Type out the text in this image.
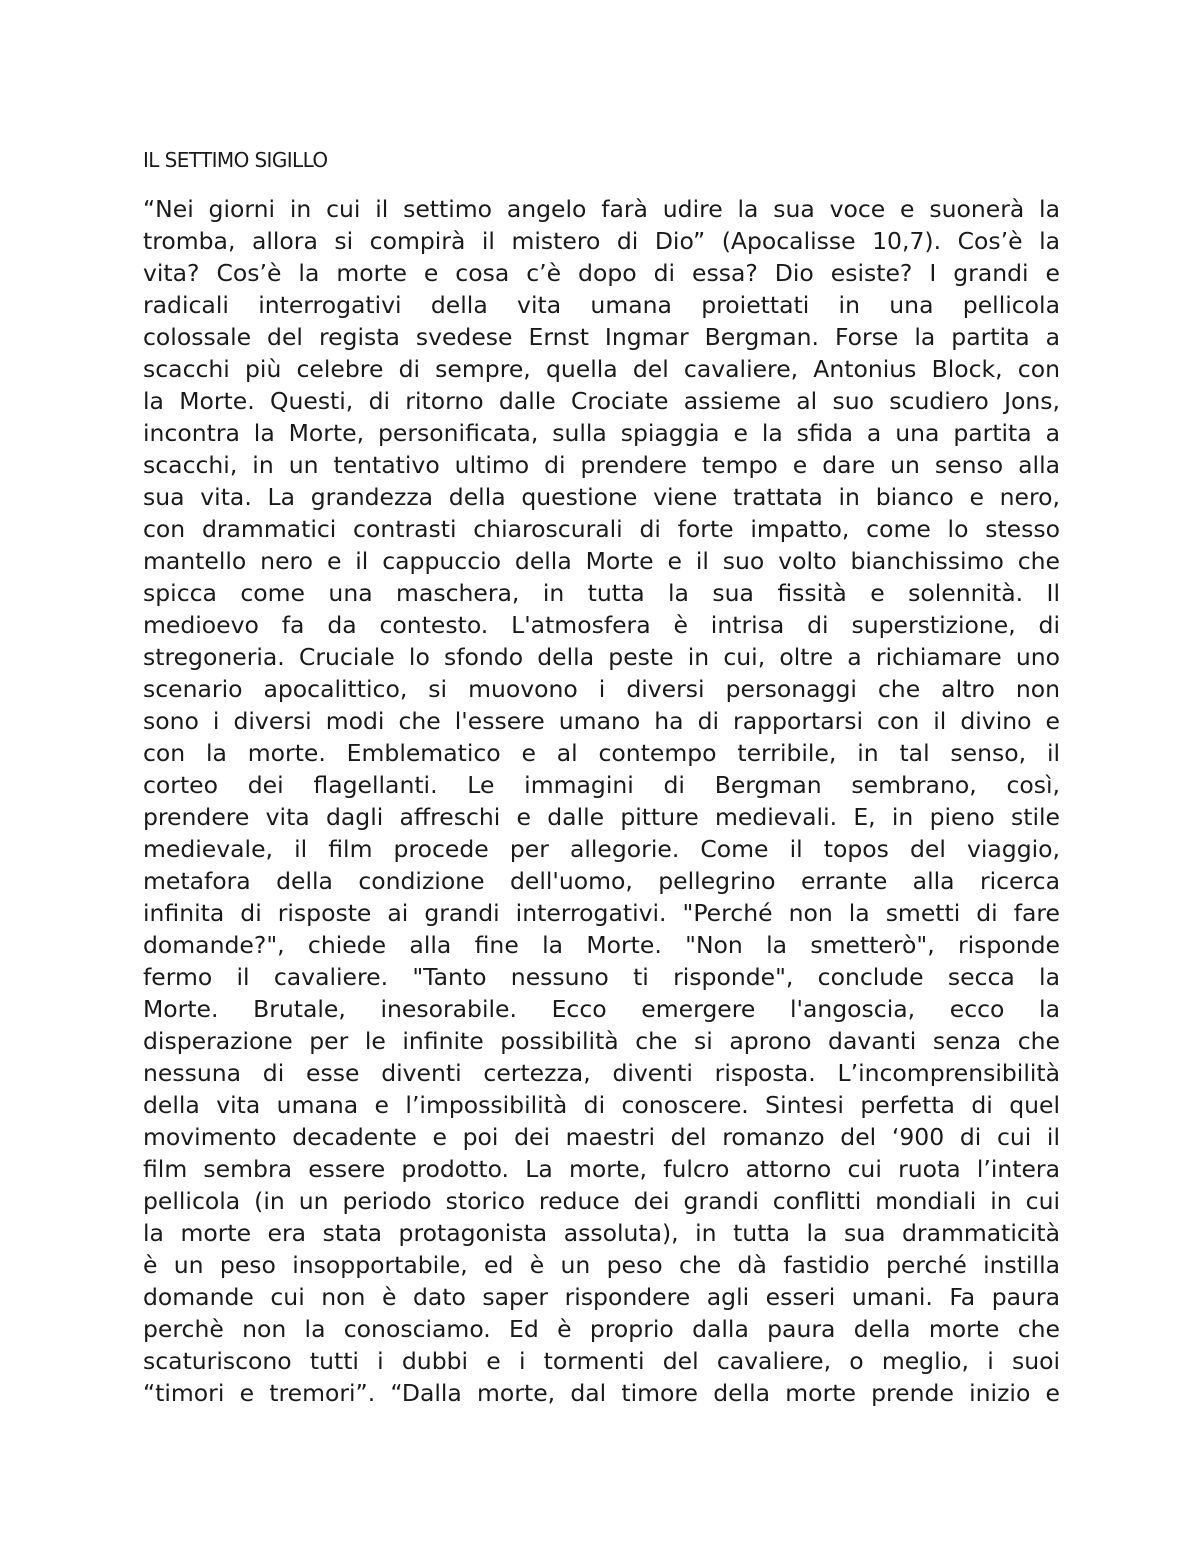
IL SETTIMO SIGILLO
“Nei giorni in cui il settimo angelo farà udire la sua voce e suonerà la
tromba, allora si compirà il mistero di Dio” (Apocalisse 10,7). Cos’è la
vita? Cos’è la morte e cosa c’è dopo di essa? Dio esiste? I grandi e
radicali interrogativi della vita umana proiettati in una pellicola
colossale del regista svedese Ernst Ingmar Bergman. Forse la partita a
scacchi più celebre di sempre, quella del cavaliere, Antonius Block, con
la Morte. Questi, di ritorno dalle Crociate assieme al suo scudiero Jons,
incontra la Morte, personificata, sulla spiaggia e la sfida a una partita a
scacchi, in un tentativo ultimo di prendere tempo e dare un senso alla
sua vita. La grandezza della questione viene trattata in bianco e nero,
con drammatici contrasti chiaroscurali di forte impatto, come lo stesso
mantello nero e il cappuccio della Morte e il suo volto bianchissimo che
spicca come una maschera, in tutta la sua fissità e solennità. Il
medioevo fa da contesto. L'atmosfera è intrisa di superstizione, di
stregoneria. Cruciale lo sfondo della peste in cui, oltre a richiamare uno
scenario apocalittico, si muovono i diversi personaggi che altro non
sono i diversi modi che l'essere umano ha di rapportarsi con il divino e
con la morte. Emblematico e al contempo terribile, in tal senso, il
corteo dei flagellanti. Le immagini di Bergman sembrano, così,
prendere vita dagli affreschi e dalle pitture medievali. E, in pieno stile
medievale, il film procede per allegorie. Come il topos del viaggio,
metafora della condizione dell'uomo, pellegrino errante alla ricerca
infinita di risposte ai grandi interrogativi. "Perché non la smetti di fare
domande?", chiede alla fine la Morte. "Non la smetterò", risponde
fermo il cavaliere. "Tanto nessuno ti risponde", conclude secca la
Morte. Brutale, inesorabile. Ecco emergere l'angoscia, ecco la
disperazione per le infinite possibilità che si aprono davanti senza che
nessuna di esse diventi certezza, diventi risposta. L’incomprensibilità
della vita umana e l’impossibilità di conoscere. Sintesi perfetta di quel
movimento decadente e poi dei maestri del romanzo del ‘900 di cui il
film sembra essere prodotto. La morte, fulcro attorno cui ruota l’intera
pellicola (in un periodo storico reduce dei grandi conflitti mondiali in cui
la morte era stata protagonista assoluta), in tutta la sua drammaticità
è un peso insopportabile, ed è un peso che dà fastidio perché instilla
domande cui non è dato saper rispondere agli esseri umani. Fa paura
perchè non la conosciamo. Ed è proprio dalla paura della morte che
scaturiscono tutti i dubbi e i tormenti del cavaliere, o meglio, i suoi
“timori e tremori”. “Dalla morte, dal timore della morte prende inizio e
